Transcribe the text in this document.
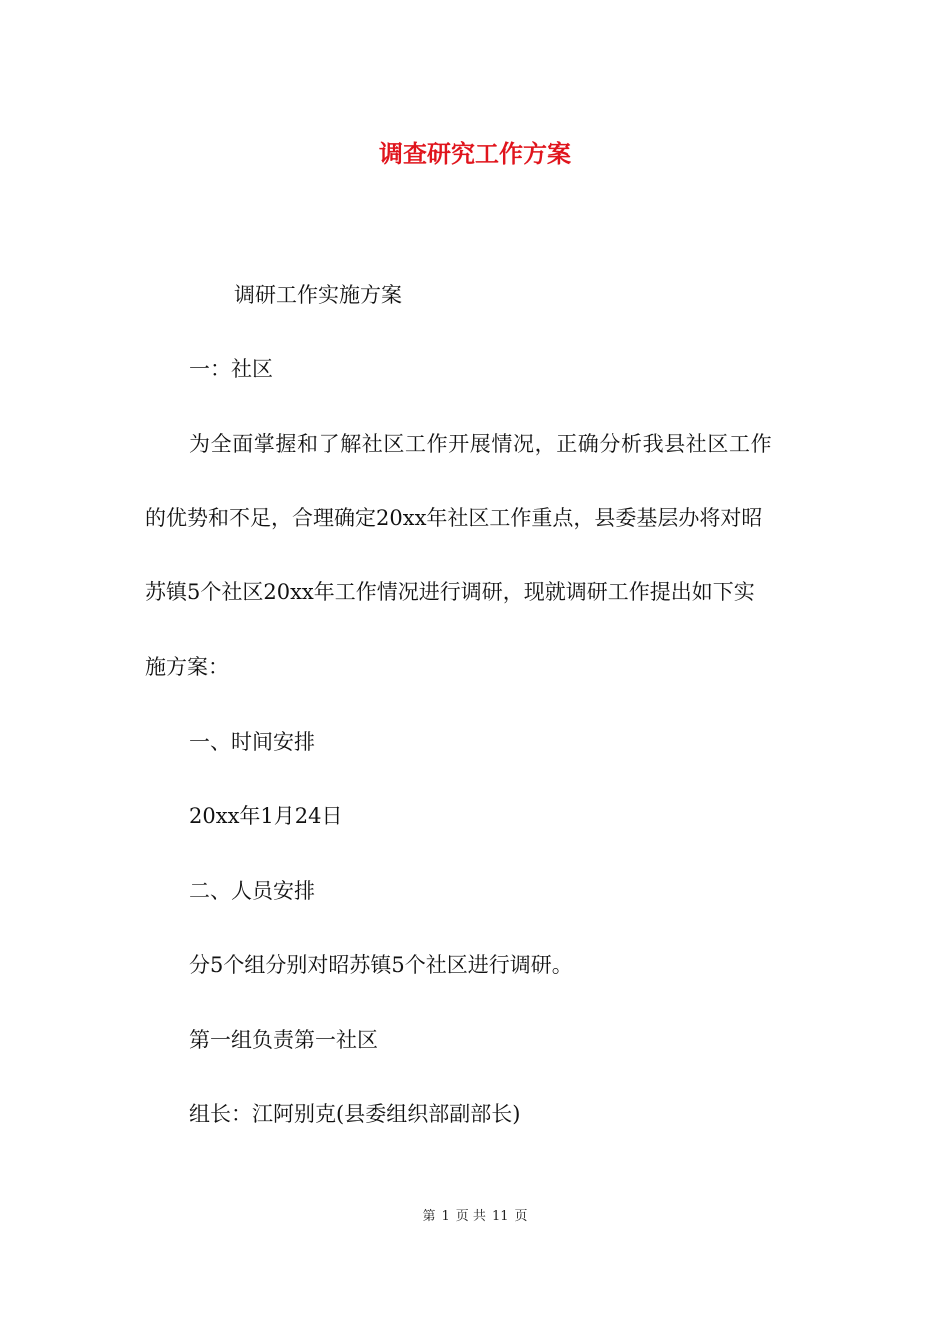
调查研究工作方案
调研工作实施方案
一：社区
为全面掌握和了解社区工作开展情况，正确分析我县社区工作
的优势和不足，合理确定20xx年社区工作重点，县委基层办将对昭
苏镇5个社区20xx年工作情况进行调研，现就调研工作提出如下实
施方案：
一、时间安排
20xx年1月24日
二、人员安排
分5个组分别对昭苏镇5个社区进行调研。
第一组负责第一社区
组长：江阿别克(县委组织部副部长)
第 1 页 共 11 页
